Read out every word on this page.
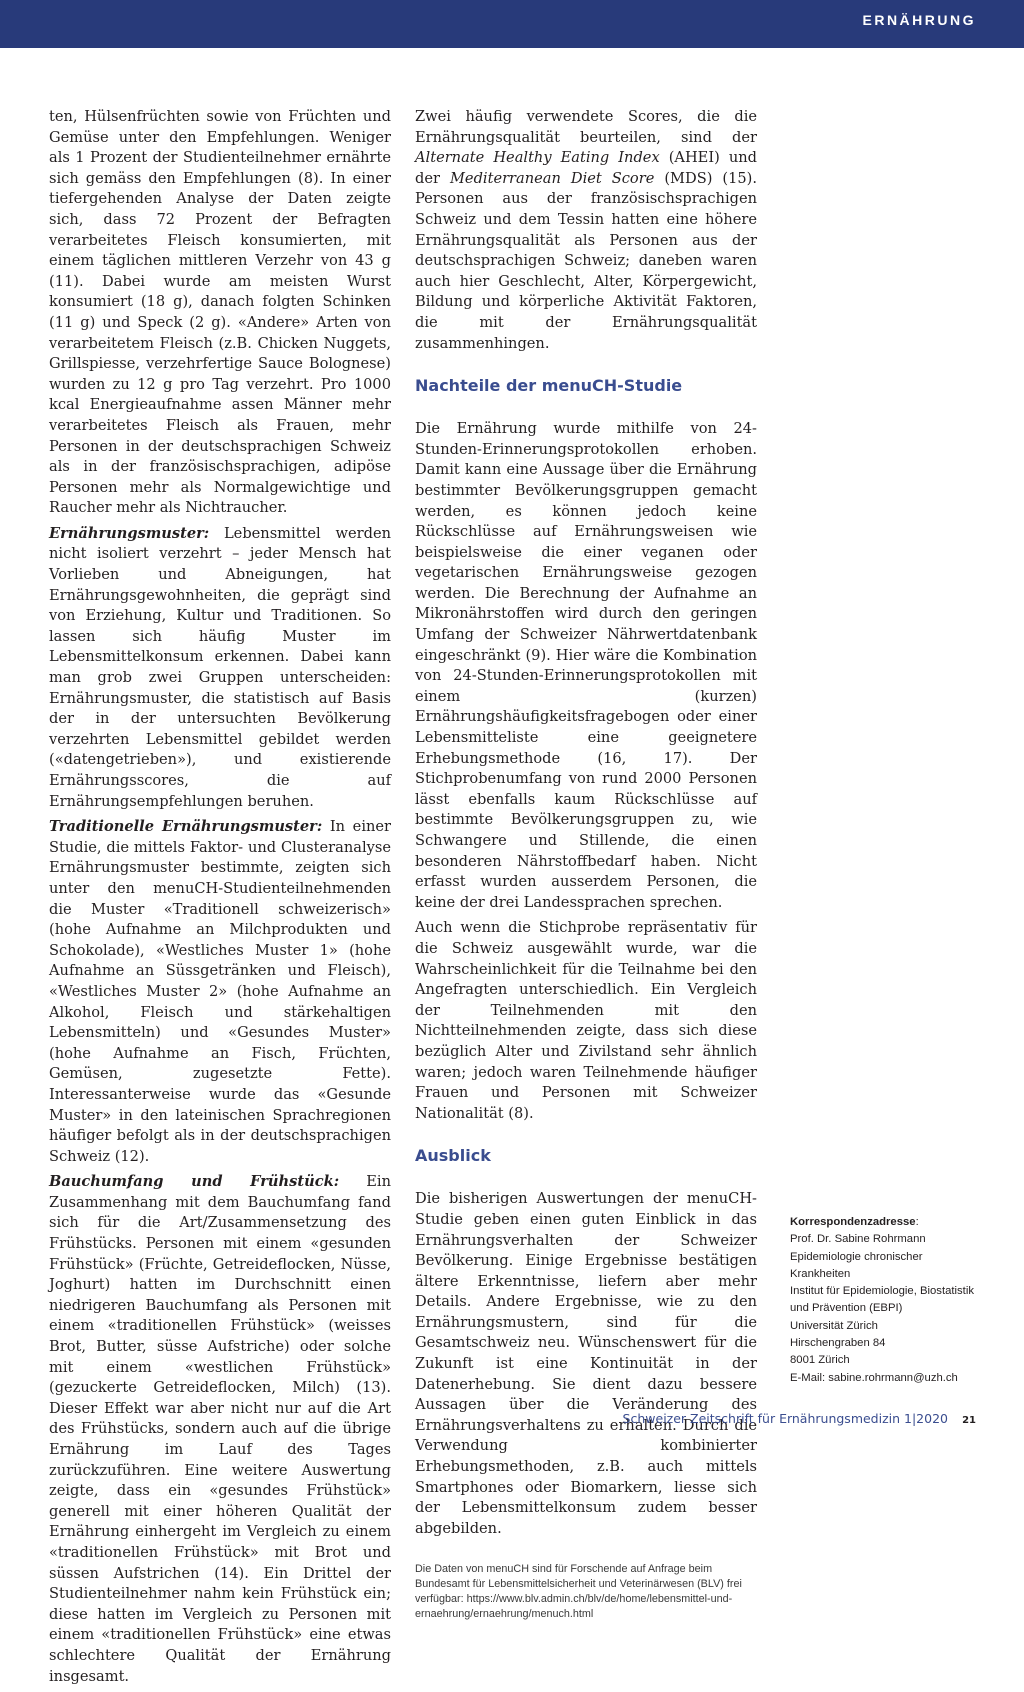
ERNÄHRUNG

ten, Hülsenfrüchten sowie von Früchten und Gemüse unter den Empfehlungen. Weniger als 1 Prozent der Studienteilnehmer ernährte sich gemäss den Empfehlungen (8). In einer tiefergehenden Analyse der Daten zeigte sich, dass 72 Prozent der Befragten verarbeitetes Fleisch konsumierten, mit einem täglichen mittleren Verzehr von 43 g (11). Dabei wurde am meisten Wurst konsumiert (18 g), danach folgten Schinken (11 g) und Speck (2 g). «Andere» Arten von verarbeitetem Fleisch (z.B. Chicken Nuggets, Grillspiesse, verzehrfertige Sauce Bolognese) wurden zu 12 g pro Tag verzehrt. Pro 1000 kcal Energieaufnahme assen Männer mehr verarbeitetes Fleisch als Frauen, mehr Personen in der deutschsprachigen Schweiz als in der französischsprachigen, adipöse Personen mehr als Normalgewichtige und Raucher mehr als Nichtraucher.

Ernährungsmuster: Lebensmittel werden nicht isoliert verzehrt – jeder Mensch hat Vorlieben und Abneigungen, hat Ernährungsgewohnheiten, die geprägt sind von Erziehung, Kultur und Traditionen. So lassen sich häufig Muster im Lebensmittelkonsum erkennen. Dabei kann man grob zwei Gruppen unterscheiden: Ernährungsmuster, die statistisch auf Basis der in der untersuchten Bevölkerung verzehrten Lebensmittel gebildet werden («datengetrieben»), und existierende Ernährungsscores, die auf Ernährungsempfehlungen beruhen.

Traditionelle Ernährungsmuster: In einer Studie, die mittels Faktor- und Clusteranalyse Ernährungsmuster bestimmte, zeigten sich unter den menuCH-Studienteilnehmenden die Muster «Traditionell schweizerisch» (hohe Aufnahme an Milchprodukten und Schokolade), «Westliches Muster 1» (hohe Aufnahme an Süssgetränken und Fleisch), «Westliches Muster 2» (hohe Aufnahme an Alkohol, Fleisch und stärkehaltigen Lebensmitteln) und «Gesundes Muster» (hohe Aufnahme an Fisch, Früchten, Gemüsen, zugesetzte Fette). Interessanterweise wurde das «Gesunde Muster» in den lateinischen Sprachregionen häufiger befolgt als in der deutschsprachigen Schweiz (12).

Bauchumfang und Frühstück: Ein Zusammenhang mit dem Bauchumfang fand sich für die Art/Zusammensetzung des Frühstücks. Personen mit einem «gesunden Frühstück» (Früchte, Getreideflocken, Nüsse, Joghurt) hatten im Durchschnitt einen niedrigeren Bauchumfang als Personen mit einem «traditionellen Frühstück» (weisses Brot, Butter, süsse Aufstriche) oder solche mit einem «westlichen Frühstück» (gezuckerte Getreideflocken, Milch) (13). Dieser Effekt war aber nicht nur auf die Art des Frühstücks, sondern auch auf die übrige Ernährung im Lauf des Tages zurückzuführen. Eine weitere Auswertung zeigte, dass ein «gesundes Frühstück» generell mit einer höheren Qualität der Ernährung einhergeht im Vergleich zu einem «traditionellen Frühstück» mit Brot und süssen Aufstrichen (14). Ein Drittel der Studienteilnehmer nahm kein Frühstück ein; diese hatten im Vergleich zu Personen mit einem «traditionellen Frühstück» eine etwas schlechtere Qualität der Ernährung insgesamt.

Zwei häufig verwendete Scores, die die Ernährungsqualität beurteilen, sind der Alternate Healthy Eating Index (AHEI) und der Mediterranean Diet Score (MDS) (15). Personen aus der französischsprachigen Schweiz und dem Tessin hatten eine höhere Ernährungsqualität als Personen aus der deutschsprachigen Schweiz; daneben waren auch hier Geschlecht, Alter, Körpergewicht, Bildung und körperliche Aktivität Faktoren, die mit der Ernährungsqualität zusammenhingen.

Nachteile der menuCH-Studie

Die Ernährung wurde mithilfe von 24-Stunden-Erinnerungsprotokollen erhoben. Damit kann eine Aussage über die Ernährung bestimmter Bevölkerungsgruppen gemacht werden, es können jedoch keine Rückschlüsse auf Ernährungsweisen wie beispielsweise die einer veganen oder vegetarischen Ernährungsweise gezogen werden. Die Berechnung der Aufnahme an Mikronährstoffen wird durch den geringen Umfang der Schweizer Nährwertdatenbank eingeschränkt (9). Hier wäre die Kombination von 24-Stunden-Erinnerungsprotokollen mit einem (kurzen) Ernährungshäufigkeitsfragebogen oder einer Lebensmitteliste eine geeignetere Erhebungsmethode (16, 17). Der Stichprobenumfang von rund 2000 Personen lässt ebenfalls kaum Rückschlüsse auf bestimmte Bevölkerungsgruppen zu, wie Schwangere und Stillende, die einen besonderen Nährstoffbedarf haben. Nicht erfasst wurden ausserdem Personen, die keine der drei Landessprachen sprechen.

Auch wenn die Stichprobe repräsentativ für die Schweiz ausgewählt wurde, war die Wahrscheinlichkeit für die Teilnahme bei den Angefragten unterschiedlich. Ein Vergleich der Teilnehmenden mit den Nichtteilnehmenden zeigte, dass sich diese bezüglich Alter und Zivilstand sehr ähnlich waren; jedoch waren Teilnehmende häufiger Frauen und Personen mit Schweizer Nationalität (8).

Ausblick

Die bisherigen Auswertungen der menuCH-Studie geben einen guten Einblick in das Ernährungsverhalten der Schweizer Bevölkerung. Einige Ergebnisse bestätigen ältere Erkenntnisse, liefern aber mehr Details. Andere Ergebnisse, wie zu den Ernährungsmustern, sind für die Gesamtschweiz neu. Wünschenswert für die Zukunft ist eine Kontinuität in der Datenerhebung. Sie dient dazu bessere Aussagen über die Veränderung des Ernährungsverhaltens zu erhalten. Durch die Verwendung kombinierter Erhebungsmethoden, z.B. auch mittels Smartphones oder Biomarkern, liesse sich der Lebensmittelkonsum zudem besser abgebilden.

Die Daten von menuCH sind für Forschende auf Anfrage beim Bundesamt für Lebensmittelsicherheit und Veterinärwesen (BLV) frei verfügbar: https://www.blv.admin.ch/blv/de/home/lebensmittel-und-ernaehrung/ernaehrung/menuch.html
Korrespondenzadresse:
Prof. Dr. Sabine Rohrmann
Epidemiologie chronischer
Krankheiten
Institut für Epidemiologie, Biostatistik
und Prävention (EBPI)
Universität Zürich
Hirschengraben 84
8001 Zürich
E-Mail: sabine.rohrmann@uzh.ch
Schweizer Zeitschrift für Ernährungsmedizin 1|2020 21
